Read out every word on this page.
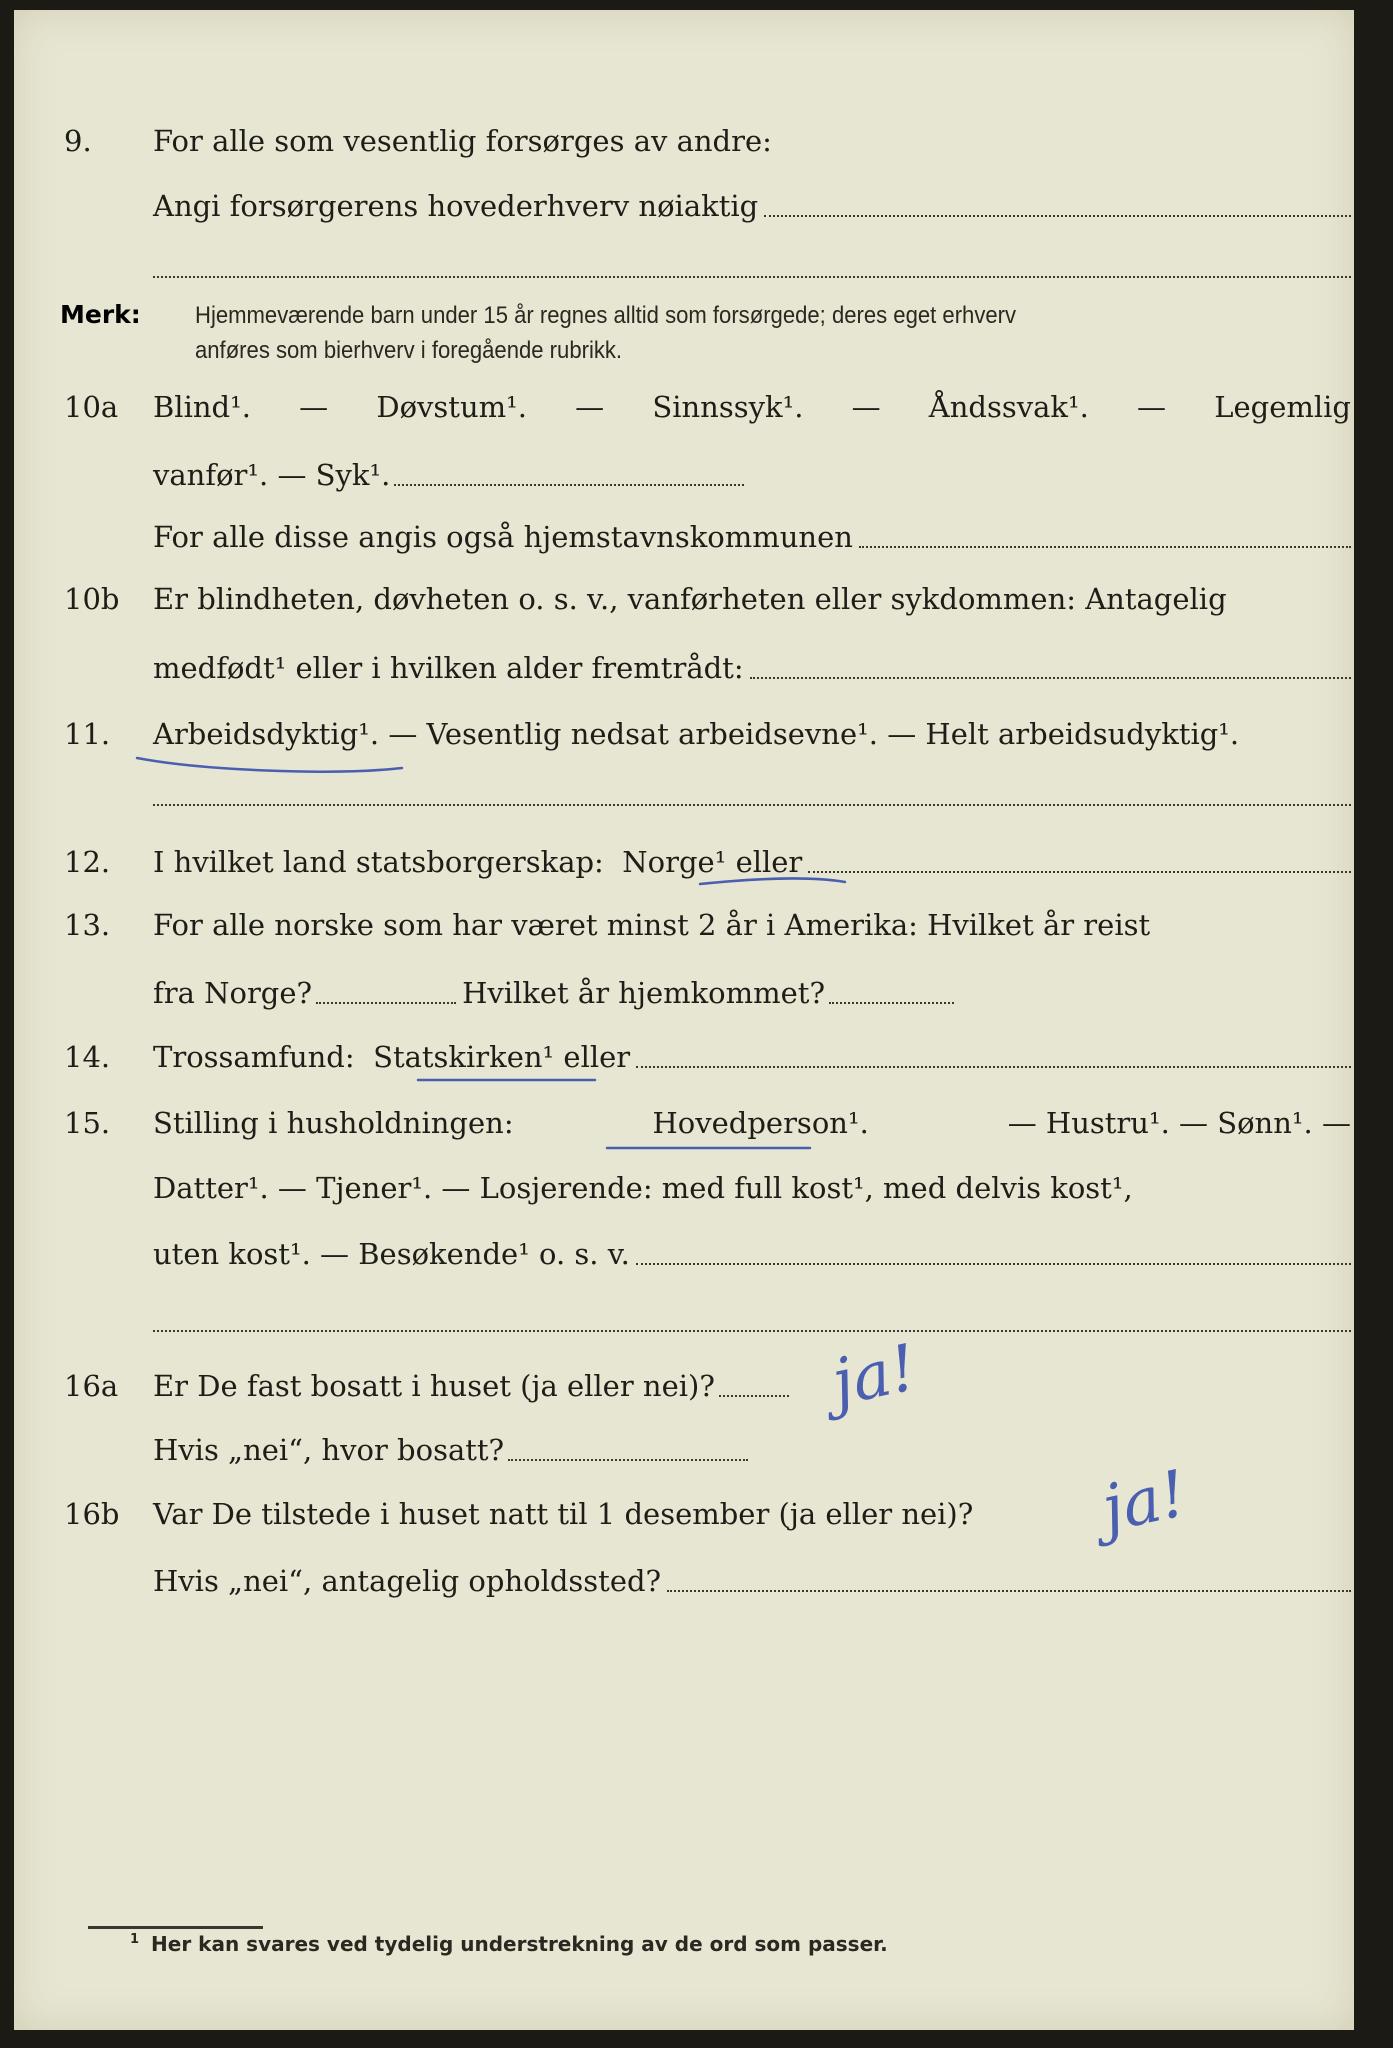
9. For alle som vesentlig forsørges av andre:
Angi forsørgerens hovederhverv nøiaktig
Merk: Hjemmeværende barn under 15 år regnes alltid som forsørgede; deres eget erhverv
anføres som bierhverv i foregående rubrikk.
10a Blind¹. — Døvstum¹. — Sinnssyk¹. — Åndssvak¹. — Legemlig
vanfør¹. — Syk¹.
For alle disse angis også hjemstavnskommunen
10b Er blindheten, døvheten o. s. v., vanførheten eller sykdommen: Antagelig
medfødt¹ eller i hvilken alder fremtrådt:
11. Arbeidsdyktig¹.
— Vesentlig nedsat arbeidsevne¹. — Helt arbeidsudyktig¹.
12. I hvilket land statsborgerskap:
Norge¹
eller
13. For alle norske som har været minst 2 år i Amerika: Hvilket år reist
fra Norge?	Hvilket år hjemkommet?
14. Trossamfund:
Statskirken¹
eller
15. Stilling i husholdningen:	Hovedperson¹.	— Hustru¹. — Sønn¹. —
Datter¹. — Tjener¹. — Losjerende: med full kost¹, med delvis kost¹,
uten kost¹. — Besøkende¹ o. s. v.
16a Er De fast bosatt i huset (ja eller nei)?
Hvis „nei“, hvor bosatt?
ja!
16b Var De tilstede i huset natt til 1 desember (ja eller nei)?
Hvis „nei“, antagelig opholdssted?
ja!
$^1$ Her kan svares ved tydelig understrekning av de ord som passer.
